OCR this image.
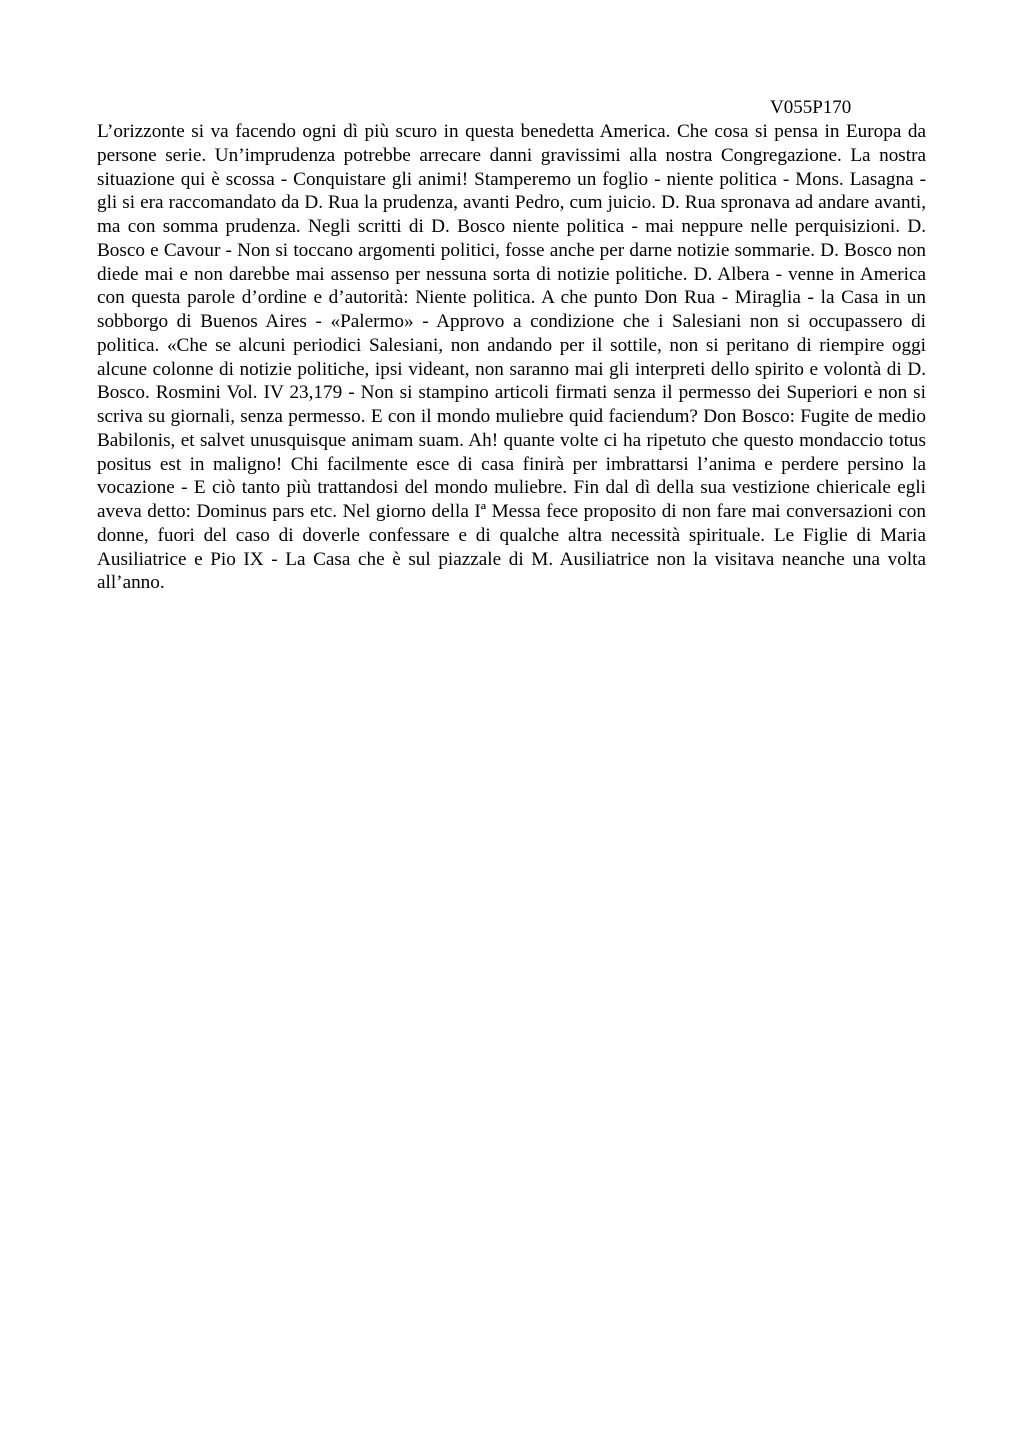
V055P170

L’orizzonte si va facendo ogni dì più scuro in questa benedetta America. Che cosa si pensa in Europa da persone serie. Un’imprudenza potrebbe arrecare danni gravissimi alla nostra Congregazione. La nostra situazione qui è scossa - Conquistare gli animi! Stamperemo un foglio - niente politica - Mons. Lasagna - gli si era raccomandato da D. Rua la prudenza, avanti Pedro, cum juicio. D. Rua spronava ad andare avanti, ma con somma prudenza. Negli scritti di D. Bosco niente politica - mai neppure nelle perquisizioni. D. Bosco e Cavour - Non si toccano argomenti politici, fosse anche per darne notizie sommarie. D. Bosco non diede mai e non darebbe mai assenso per nessuna sorta di notizie politiche. D. Albera - venne in America con questa parole d’ordine e d’autorità: Niente politica. A che punto Don Rua - Miraglia - la Casa in un sobborgo di Buenos Aires - «Palermo» - Approvo a condizione che i Salesiani non si occupassero di politica. «Che se alcuni periodici Salesiani, non andando per il sottile, non si peritano di riempire oggi alcune colonne di notizie politiche, ipsi videant, non saranno mai gli interpreti dello spirito e volontà di D. Bosco. Rosmini Vol. IV 23,179 - Non si stampino articoli firmati senza il permesso dei Superiori e non si scriva su giornali, senza permesso. E con il mondo muliebre quid faciendum? Don Bosco: Fugite de medio Babilonis, et salvet unusquisque animam suam. Ah! quante volte ci ha ripetuto che questo mondaccio totus positus est in maligno! Chi facilmente esce di casa finirà per imbrattarsi l’anima e perdere persino la vocazione - E ciò tanto più trattandosi del mondo muliebre. Fin dal dì della sua vestizione chiericale egli aveva detto: Dominus pars etc. Nel giorno della Iª Messa fece proposito di non fare mai conversazioni con donne, fuori del caso di doverle confessare e di qualche altra necessità spirituale. Le Figlie di Maria Ausiliatrice e Pio IX - La Casa che è sul piazzale di M. Ausiliatrice non la visitava neanche una volta all’anno.
